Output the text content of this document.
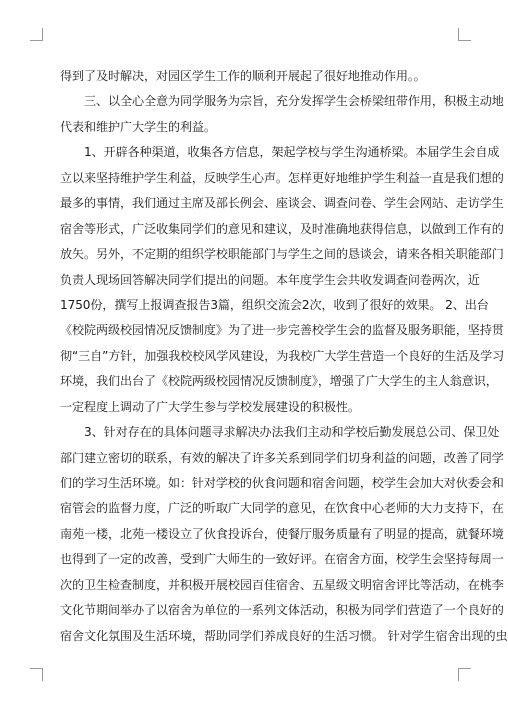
得到了及时解决，对园区学生工作的顺利开展起了很好地推动作用。。
三、以全心全意为同学服务为宗旨，充分发挥学生会桥梁纽带作用，积极主动地
代表和维护广大学生的利益。
1、开辟各种渠道，收集各方信息，架起学校与学生沟通桥梁。本届学生会自成
立以来坚持维护学生利益，反映学生心声。怎样更好地维护学生利益一直是我们想的
最多的事情，我们通过主席及部长例会、座谈会、调查问卷、学生会网站、走访学生
宿舍等形式，广泛收集同学们的意见和建议，及时准确地获得信息，以做到工作有的
放矢。另外，不定期的组织学校职能部门与学生之间的恳谈会，请来各相关职能部门
负责人现场回答解决同学们提出的问题。本年度学生会共收发调查问卷两次，近
1750份，撰写上报调查报告3篇，组织交流会2次，收到了很好的效果。 2、出台
《校院两级校园情况反馈制度》为了进一步完善校学生会的监督及服务职能，坚持贯
彻“三自”方针，加强我校校风学风建设，为我校广大学生营造一个良好的生活及学习
环境，我们出台了《校院两级校园情况反馈制度》，增强了广大学生的主人翁意识，
一定程度上调动了广大学生参与学校发展建设的积极性。
3、针对存在的具体问题寻求解决办法我们主动和学校后勤发展总公司、保卫处
部门建立密切的联系，有效的解决了许多关系到同学们切身利益的问题，改善了同学
们的学习生活环境。如：针对学校的伙食问题和宿舍问题，校学生会加大对伙委会和
宿管会的监督力度，广泛的听取广大同学的意见，在饮食中心老师的大力支持下，在
南苑一楼，北苑一楼设立了伙食投诉台，使餐厅服务质量有了明显的提高，就餐环境
也得到了一定的改善，受到广大师生的一致好评。在宿舍方面，校学生会坚持每周一
次的卫生检查制度，并积极开展校园百佳宿舍、五星级文明宿舍评比等活动，在桃李
文化节期间举办了以宿舍为单位的一系列文体活动，积极为同学们营造了一个良好的
宿舍文化氛围及生活环境，帮助同学们养成良好的生活习惯。 针对学生宿舍出现的虫
